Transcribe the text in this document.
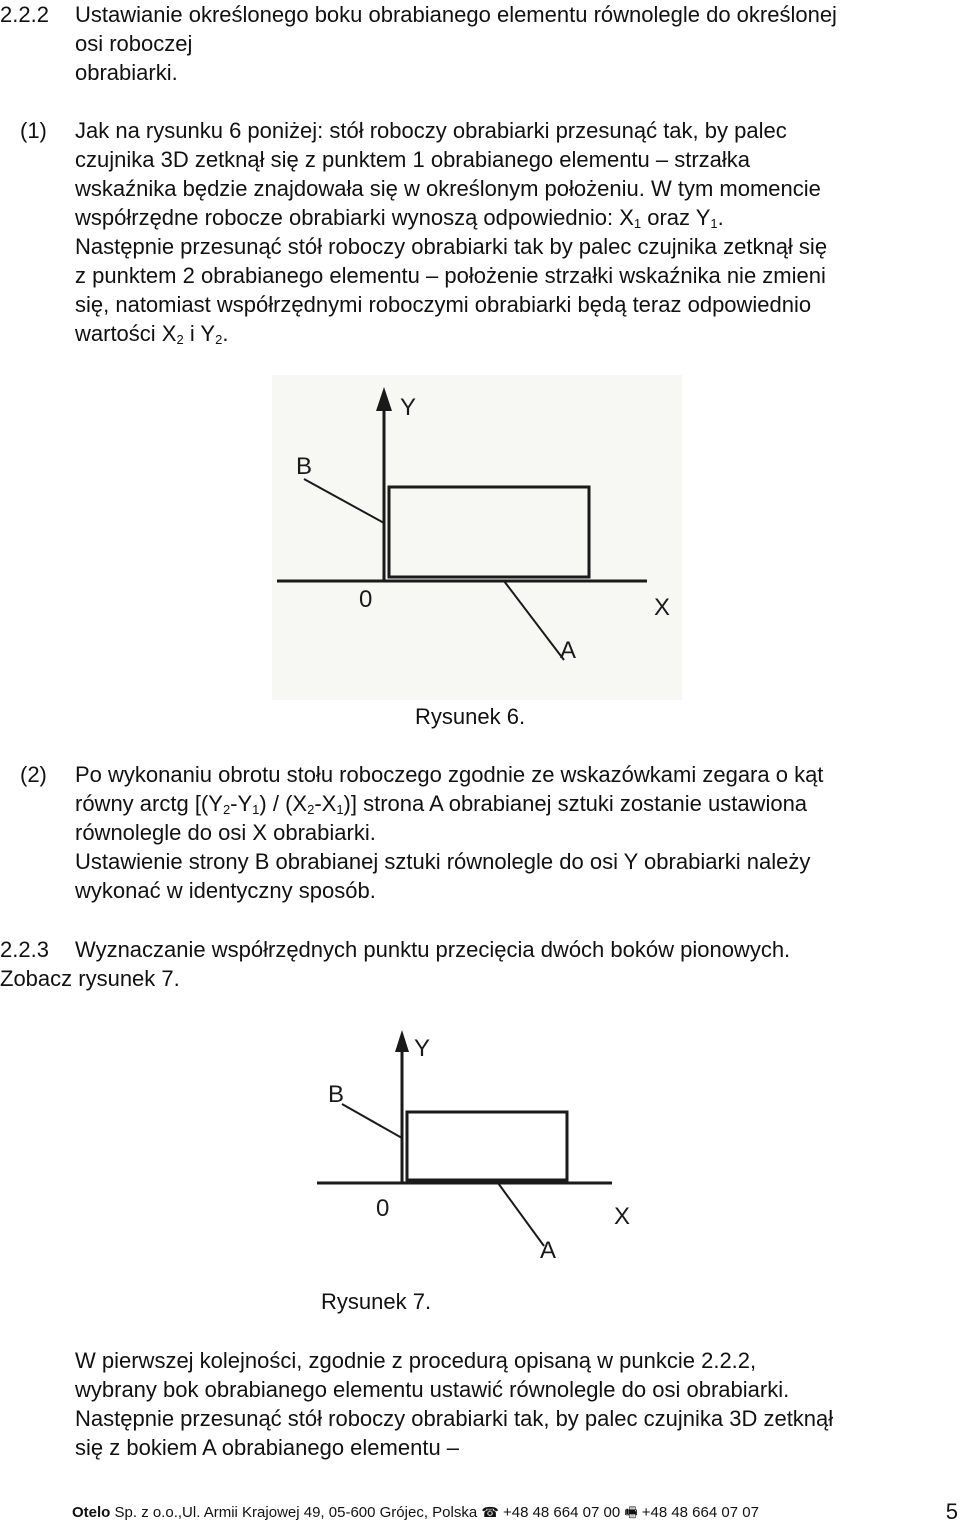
2.2.2 Ustawianie określonego boku obrabianego elementu równolegle do określonej
osi roboczej
obrabiarki.
(1) Jak na rysunku 6 poniżej: stół roboczy obrabiarki przesunąć tak, by palec
czujnika 3D zetknął się z punktem 1 obrabianego elementu – strzałka
wskaźnika będzie znajdowała się w określonym położeniu. W tym momencie
współrzędne robocze obrabiarki wynoszą odpowiednio: $X_1$ oraz $Y_1$.
Następnie przesunąć stół roboczy obrabiarki tak by palec czujnika zetknął się
z punktem 2 obrabianego elementu – położenie strzałki wskaźnika nie zmieni
się, natomiast współrzędnymi roboczymi obrabiarki będą teraz odpowiednio
wartości $X_2$ i $Y_2$.
Y
B
0	X
A
Rysunek 6.
(2) Po wykonaniu obrotu stołu roboczego zgodnie ze wskazówkami zegara o kąt
równy arctg $[(Y_2-Y_1) / (X_2-X_1)]$ strona A obrabianej sztuki zostanie ustawiona
równolegle do osi X obrabiarki.
Ustawienie strony B obrabianej sztuki równolegle do osi Y obrabiarki należy
wykonać w identyczny sposób.
2.2.3 Wyznaczanie współrzędnych punktu przecięcia dwóch boków pionowych.
Zobacz rysunek 7.
Y
B
0	X
A
Rysunek 7.
W pierwszej kolejności, zgodnie z procedurą opisaną w punkcie 2.2.2,
wybrany bok obrabianego elementu ustawić równolegle do osi obrabiarki.
Następnie przesunąć stół roboczy obrabiarki tak, by palec czujnika 3D zetknął
się z bokiem A obrabianego elementu –
Otelo Sp. z o.o.,Ul. Armii Krajowej 49, 05-600 Grójec, Polska ☎ +48 48 664 07 00 🖷 +48 48 664 07 07	5
